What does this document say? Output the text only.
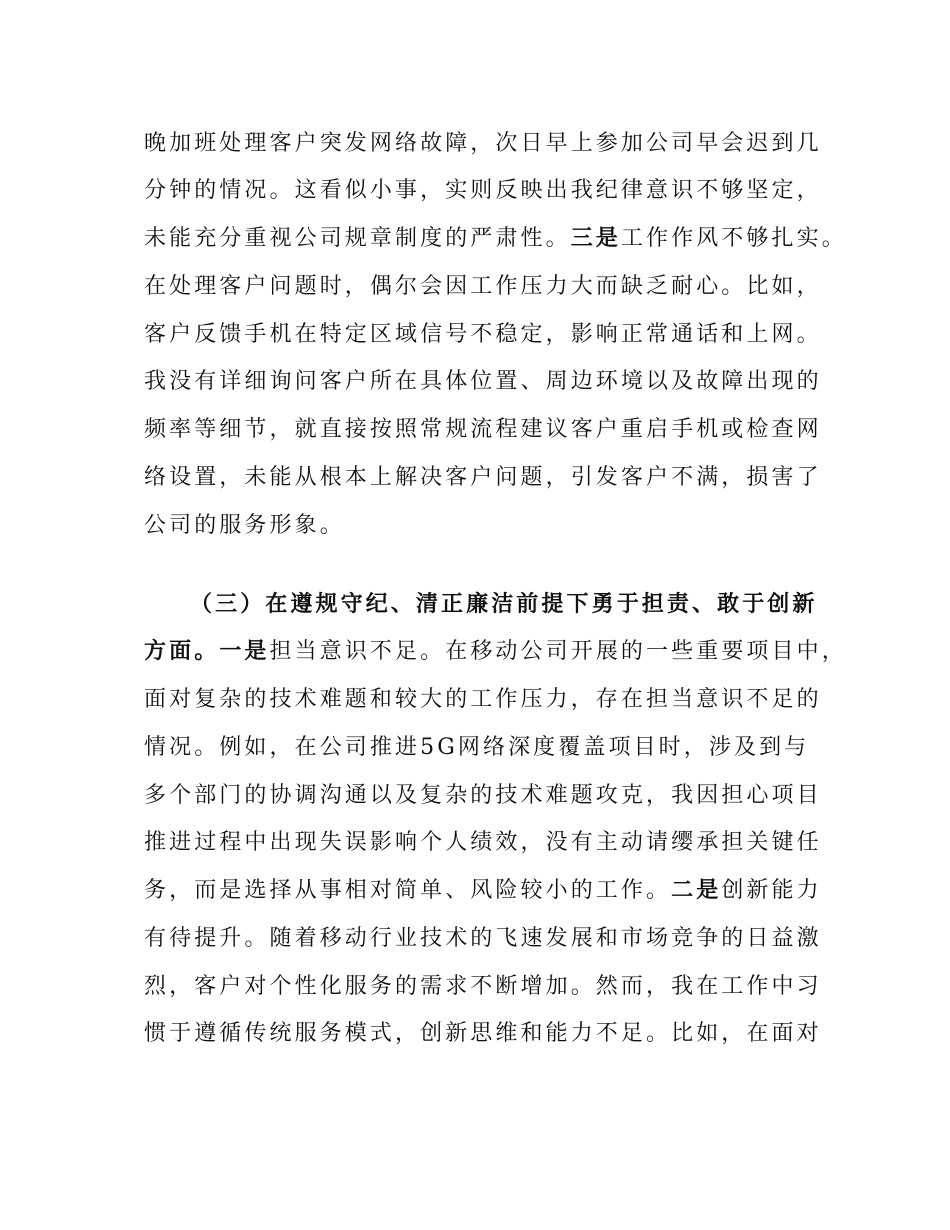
晚加班处理客户突发网络故障，次日早上参加公司早会迟到几
分钟的情况。这看似小事，实则反映出我纪律意识不够坚定，
未能充分重视公司规章制度的严肃性。三是工作作风不够扎实。
在处理客户问题时，偶尔会因工作压力大而缺乏耐心。比如，
客户反馈手机在特定区域信号不稳定，影响正常通话和上网。
我没有详细询问客户所在具体位置、周边环境以及故障出现的
频率等细节，就直接按照常规流程建议客户重启手机或检查网
络设置，未能从根本上解决客户问题，引发客户不满，损害了
公司的服务形象。
（三）在遵规守纪、清正廉洁前提下勇于担责、敢于创新
方面。一是担当意识不足。在移动公司开展的一些重要项目中，
面对复杂的技术难题和较大的工作压力，存在担当意识不足的
情况。例如，在公司推进5G网络深度覆盖项目时，涉及到与
多个部门的协调沟通以及复杂的技术难题攻克，我因担心项目
推进过程中出现失误影响个人绩效，没有主动请缨承担关键任
务，而是选择从事相对简单、风险较小的工作。二是创新能力
有待提升。随着移动行业技术的飞速发展和市场竞争的日益激
烈，客户对个性化服务的需求不断增加。然而，我在工作中习
惯于遵循传统服务模式，创新思维和能力不足。比如，在面对
